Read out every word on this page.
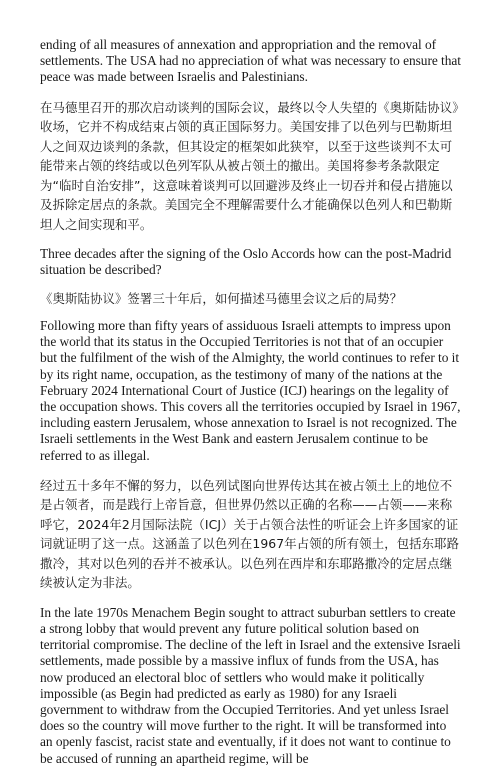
ending of all measures of annexation and appropriation and the removal of settlements. The USA had no appreciation of what was necessary to ensure that peace was made between Israelis and Palestinians.

在马德里召开的那次启动谈判的国际会议，最终以令人失望的《奥斯陆协议》收场，它并不构成结束占领的真正国际努力。美国安排了以色列与巴勒斯坦人之间双边谈判的条款，但其设定的框架如此狭窄，以至于这些谈判不太可能带来占领的终结或以色列军队从被占领土的撤出。美国将参考条款限定为“临时自治安排”，这意味着谈判可以回避涉及终止一切吞并和侵占措施以及拆除定居点的条款。美国完全不理解需要什么才能确保以色列人和巴勒斯坦人之间实现和平。

Three decades after the signing of the Oslo Accords how can the post-Madrid situation be described?

《奥斯陆协议》签署三十年后，如何描述马德里会议之后的局势？

Following more than fifty years of assiduous Israeli attempts to impress upon the world that its status in the Occupied Territories is not that of an occupier but the fulfilment of the wish of the Almighty, the world continues to refer to it by its right name, occupation, as the testimony of many of the nations at the February 2024 International Court of Justice (ICJ) hearings on the legality of the occupation shows. This covers all the territories occupied by Israel in 1967, including eastern Jerusalem, whose annexation to Israel is not recognized. The Israeli settlements in the West Bank and eastern Jerusalem continue to be referred to as illegal.

经过五十多年不懈的努力，以色列试图向世界传达其在被占领土上的地位不是占领者，而是践行上帝旨意，但世界仍然以正确的名称——占领——来称呼它，2024年2月国际法院（ICJ）关于占领合法性的听证会上许多国家的证词就证明了这一点。这涵盖了以色列在1967年占领的所有领土，包括东耶路撒冷，其对以色列的吞并不被承认。以色列在西岸和东耶路撒冷的定居点继续被认定为非法。

In the late 1970s Menachem Begin sought to attract suburban settlers to create a strong lobby that would prevent any future political solution based on territorial compromise. The decline of the left in Israel and the extensive Israeli settlements, made possible by a massive influx of funds from the USA, has now produced an electoral bloc of settlers who would make it politically impossible (as Begin had predicted as early as 1980) for any Israeli government to withdraw from the Occupied Territories. And yet unless Israel does so the country will move further to the right. It will be transformed into an openly fascist, racist state and eventually, if it does not want to continue to be accused of running an apartheid regime, will be
